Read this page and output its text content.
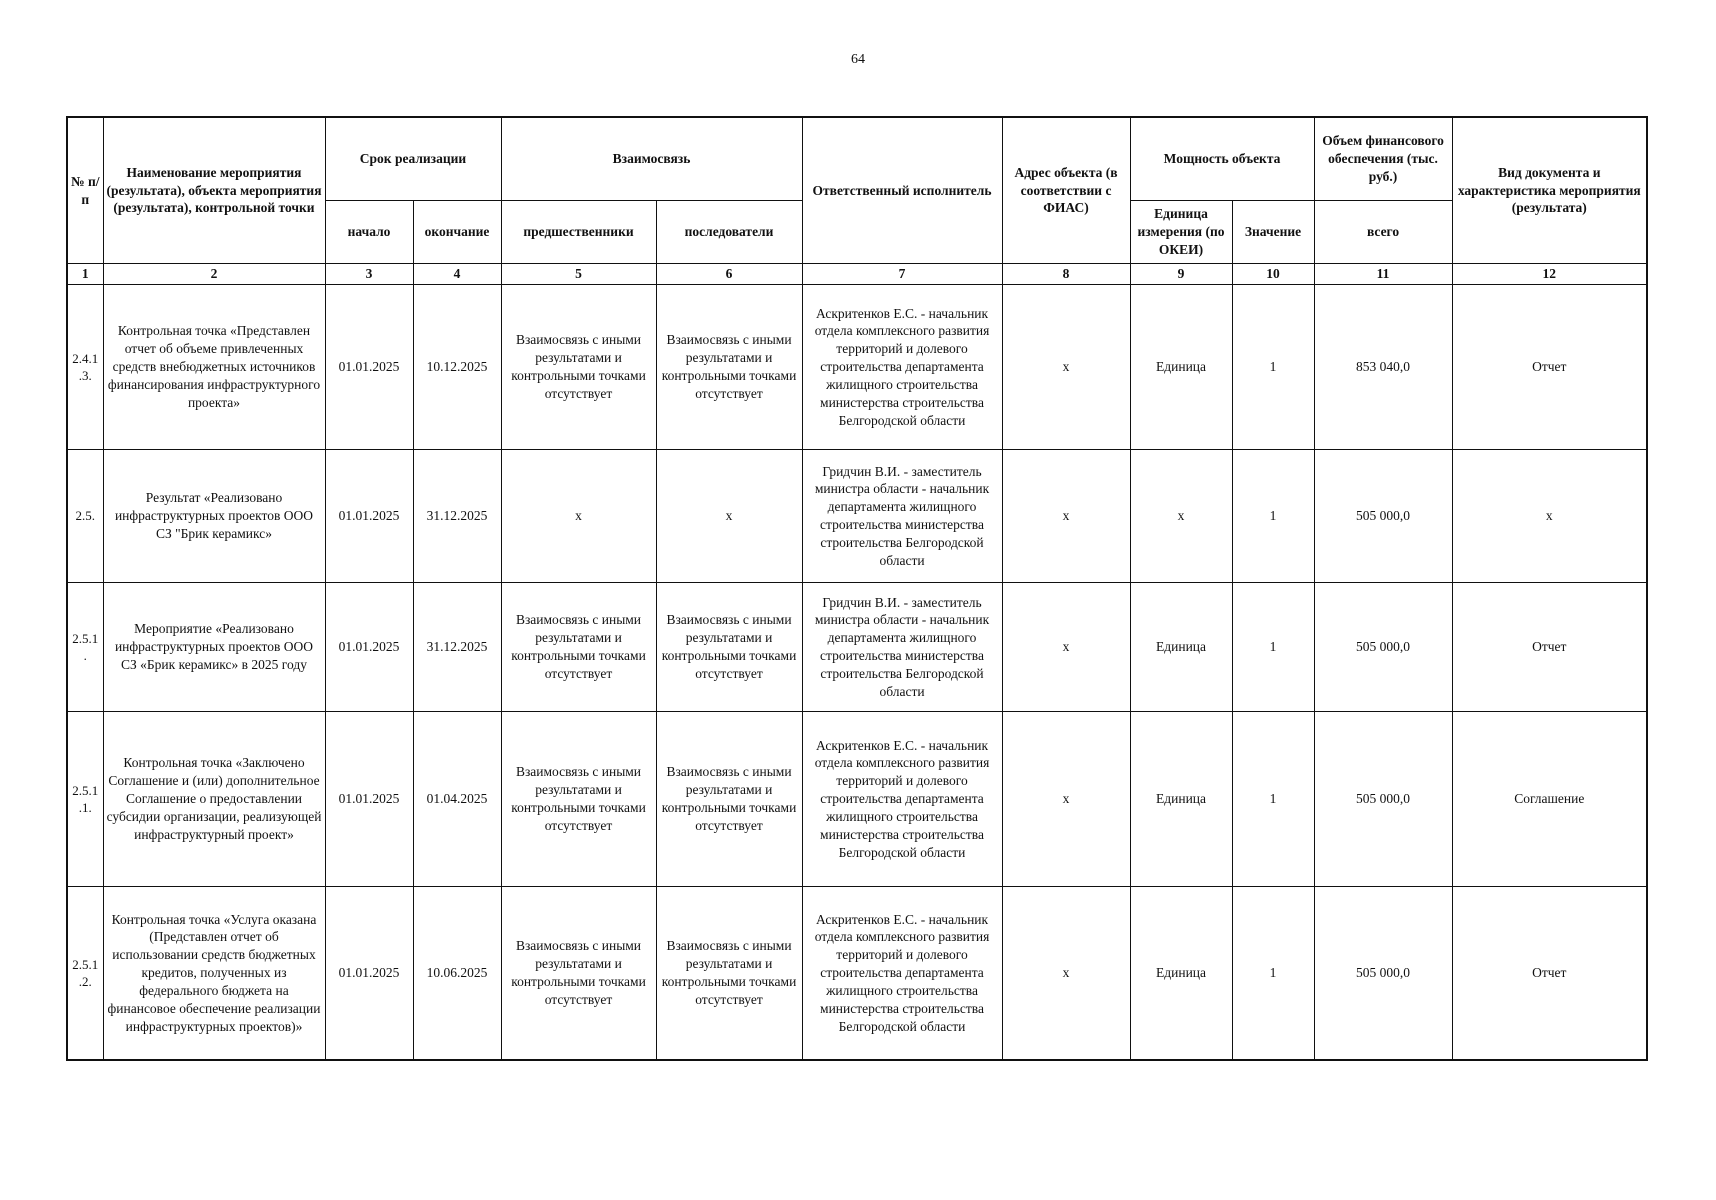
64
№ п/п	Наименование мероприятия (результата), объекта мероприятия (результата), контрольной точки	Срок реализации		Взаимосвязь		Ответственный исполнитель	Адрес объекта (в соответствии с ФИАС)	Мощность объекта		Объем финансового обеспечения (тыс. руб.)	Вид документа и характеристика мероприятия (результата)
		начало	окончание	предшественники	последователи			Единица измерения (по ОКЕИ)	Значение	всего	
1	2	3	4	5	6	7	8	9	10	11	12
2.4.1.3.	Контрольная точка «Представлен отчет об объеме привлеченных средств внебюджетных источников финансирования инфраструктурного проекта»	01.01.2025	10.12.2025	Взаимосвязь с иными результатами и контрольными точками отсутствует	Взаимосвязь с иными результатами и контрольными точками отсутствует	Аскритенков Е.С. - начальник отдела комплексного развития территорий и долевого строительства департамента жилищного строительства министерства строительства Белгородской области	х	Единица	1	853 040,0	Отчет
2.5.	Результат «Реализовано инфраструктурных проектов ООО СЗ "Брик керамикс»	01.01.2025	31.12.2025	х	х	Гридчин В.И. - заместитель министра области - начальник департамента жилищного строительства министерства строительства Белгородской области	х	х	1	505 000,0	х
2.5.1.	Мероприятие «Реализовано инфраструктурных проектов ООО СЗ «Брик керамикс» в 2025 году	01.01.2025	31.12.2025	Взаимосвязь с иными результатами и контрольными точками отсутствует	Взаимосвязь с иными результатами и контрольными точками отсутствует	Гридчин В.И. - заместитель министра области - начальник департамента жилищного строительства министерства строительства Белгородской области	х	Единица	1	505 000,0	Отчет
2.5.1.1.	Контрольная точка «Заключено Соглашение и (или) дополнительное Соглашение о предоставлении субсидии организации, реализующей инфраструктурный проект»	01.01.2025	01.04.2025	Взаимосвязь с иными результатами и контрольными точками отсутствует	Взаимосвязь с иными результатами и контрольными точками отсутствует	Аскритенков Е.С. - начальник отдела комплексного развития территорий и долевого строительства департамента жилищного строительства министерства строительства Белгородской области	х	Единица	1	505 000,0	Соглашение
2.5.1.2.	Контрольная точка «Услуга оказана (Представлен отчет об использовании средств бюджетных кредитов, полученных из федерального бюджета на финансовое обеспечение реализации инфраструктурных проектов)»	01.01.2025	10.06.2025	Взаимосвязь с иными результатами и контрольными точками отсутствует	Взаимосвязь с иными результатами и контрольными точками отсутствует	Аскритенков Е.С. - начальник отдела комплексного развития территорий и долевого строительства департамента жилищного строительства министерства строительства Белгородской области	х	Единица	1	505 000,0	Отчет
